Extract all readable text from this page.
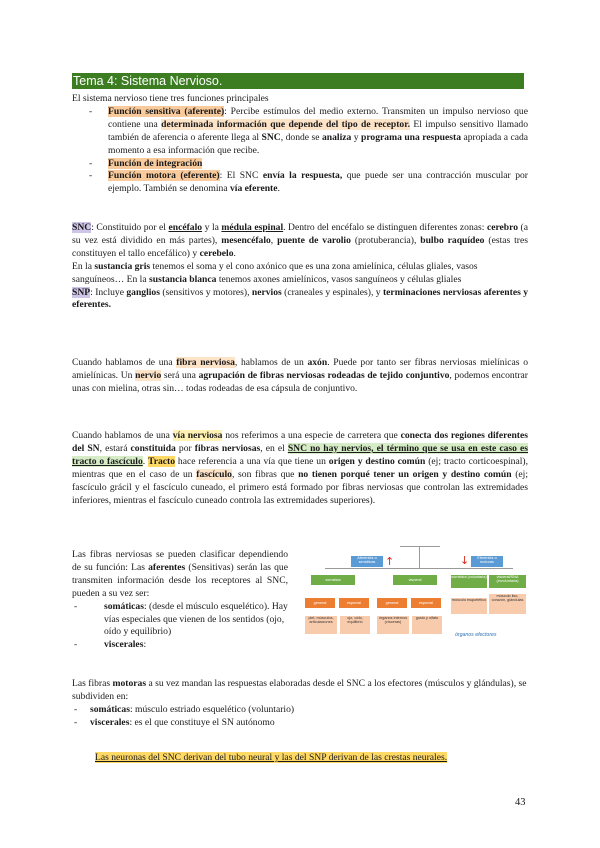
Tema 4: Sistema Nervioso.

El sistema nervioso tiene tres funciones principales

- Función sensitiva (aferente): Percibe estímulos del medio externo. Transmiten un impulso nervioso que contiene una determinada información que depende del tipo de receptor. El impulso sensitivo llamado también de aferencia o aferente llega al SNC, donde se analiza y programa una respuesta apropiada a cada momento a esa información que recibe.
- Función de integración
- Función motora (eferente): El SNC envía la respuesta, que puede ser una contracción muscular por ejemplo. También se denomina vía eferente.

SNC: Constituido por el encéfalo y la médula espinal. Dentro del encéfalo se distinguen diferentes zonas: cerebro (a su vez está dividido en más partes), mesencéfalo, puente de varolio (protuberancia), bulbo raquídeo (estas tres constituyen el tallo encefálico) y cerebelo.

En la sustancia gris tenemos el soma y el cono axónico que es una zona amielínica, células gliales, vasos sanguíneos… En la sustancia blanca tenemos axones amielínicos, vasos sanguíneos y células gliales

SNP: Incluye ganglios (sensitivos y motores), nervios (craneales y espinales), y terminaciones nerviosas aferentes y eferentes.

Cuando hablamos de una fibra nerviosa, hablamos de un axón. Puede por tanto ser fibras nerviosas mielínicas o amielínicas. Un nervio será una agrupación de fibras nerviosas rodeadas de tejido conjuntivo, podemos encontrar unas con mielina, otras sin… todas rodeadas de esa cápsula de conjuntivo.

Cuando hablamos de una vía nerviosa nos referimos a una especie de carretera que conecta dos regiones diferentes del SN, estará constituida por fibras nerviosas, en el SNC no hay nervios, el término que se usa en este caso es tracto o fascículo. Tracto hace referencia a una vía que tiene un origen y destino común (ej; tracto corticoespinal), mientras que en el caso de un fascículo, son fibras que no tienen porqué tener un origen y destino común (ej; fascículo grácil y el fascículo cuneado, el primero está formado por fibras nerviosas que controlan las extremidades inferiores, mientras el fascículo cuneado controla las extremidades superiores).

Las fibras nerviosas se pueden clasificar dependiendo de su función: Las aferentes (Sensitivas) serán las que transmiten información desde los receptores al SNC, pueden a su vez ser:

-	somáticas: (desde el músculo esquelético). Hay vías especiales que vienen de los sentidos (ojo, oído y equilibrio)
-	viscerales:

Las fibras motoras a su vez mandan las respuestas elaboradas desde el SNC a los efectores (músculos y glándulas), se subdividen en:

- somáticas: músculo estriado esquelético (voluntario)
- viscerales: es el que constituye el SN autónomo
Las neuronas del SNC derivan del tubo neural y las del SNP derivan de las crestas neurales.
43
Aferentes o sensitivas ↑	↓	Eferentes o motoras
somática	visceral
somática (voluntaria)	visceral/SNA (involuntaria)
general	especial	general	especial
piel, músculos, articulaciones
ojo, oído, equilibrio
órganos internos (vísceras)
gusto y olfato
músculo esquelético
músculo liso, corazón, glándulas
órganos efectores
